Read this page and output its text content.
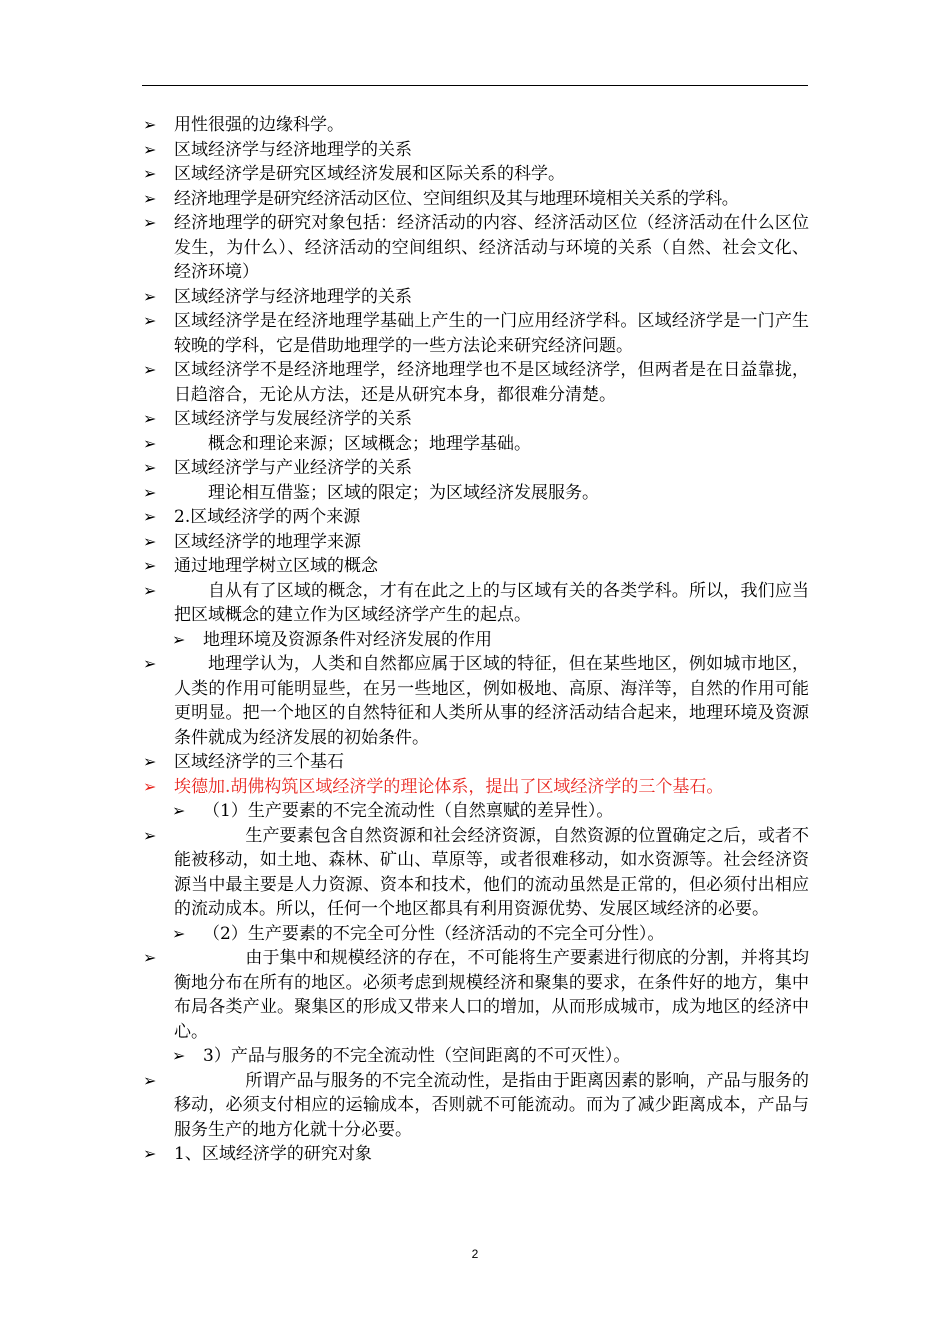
➢	用性很强的边缘科学。

➢	区域经济学与经济地理学的关系

➢	区域经济学是研究区域经济发展和区际关系的科学。

➢	经济地理学是研究经济活动区位、空间组织及其与地理环境相关关系的学科。

➢	经济地理学的研究对象包括：经济活动的内容、经济活动区位（经济活动在什么区位发生，为什么）、经济活动的空间组织、经济活动与环境的关系（自然、社会文化、经济环境）

➢	区域经济学与经济地理学的关系

➢	区域经济学是在经济地理学基础上产生的一门应用经济学科。区域经济学是一门产生较晚的学科，它是借助地理学的一些方法论来研究经济问题。

➢	区域经济学不是经济地理学，经济地理学也不是区域经济学，但两者是在日益靠拢，日趋溶合，无论从方法，还是从研究本身，都很难分清楚。

➢	区域经济学与发展经济学的关系

➢	概念和理论来源；区域概念；地理学基础。

➢	区域经济学与产业经济学的关系

➢	理论相互借鉴；区域的限定；为区域经济发展服务。

➢	2.区域经济学的两个来源

➢	区域经济学的地理学来源

➢	通过地理学树立区域的概念

➢	自从有了区域的概念，才有在此之上的与区域有关的各类学科。所以，我们应当把区域概念的建立作为区域经济学产生的起点。

➢	地理环境及资源条件对经济发展的作用

➢	地理学认为，人类和自然都应属于区域的特征，但在某些地区，例如城市地区，人类的作用可能明显些，在另一些地区，例如极地、高原、海洋等，自然的作用可能更明显。把一个地区的自然特征和人类所从事的经济活动结合起来，地理环境及资源条件就成为经济发展的初始条件。

➢	区域经济学的三个基石

➢	埃德加.胡佛构筑区域经济学的理论体系，提出了区域经济学的三个基石。

➢	（1）生产要素的不完全流动性（自然禀赋的差异性）。

➢	生产要素包含自然资源和社会经济资源，自然资源的位置确定之后，或者不能被移动，如土地、森林、矿山、草原等，或者很难移动，如水资源等。社会经济资源当中最主要是人力资源、资本和技术，他们的流动虽然是正常的，但必须付出相应的流动成本。所以，任何一个地区都具有利用资源优势、发展区域经济的必要。

➢	（2）生产要素的不完全可分性（经济活动的不完全可分性）。

➢	由于集中和规模经济的存在，不可能将生产要素进行彻底的分割，并将其均衡地分布在所有的地区。必须考虑到规模经济和聚集的要求，在条件好的地方，集中布局各类产业。聚集区的形成又带来人口的增加，从而形成城市，成为地区的经济中心。

➢	3）产品与服务的不完全流动性（空间距离的不可灭性）。

➢	所谓产品与服务的不完全流动性，是指由于距离因素的影响，产品与服务的移动，必须支付相应的运输成本，否则就不可能流动。而为了减少距离成本，产品与服务生产的地方化就十分必要。

➢	1、区域经济学的研究对象

2
